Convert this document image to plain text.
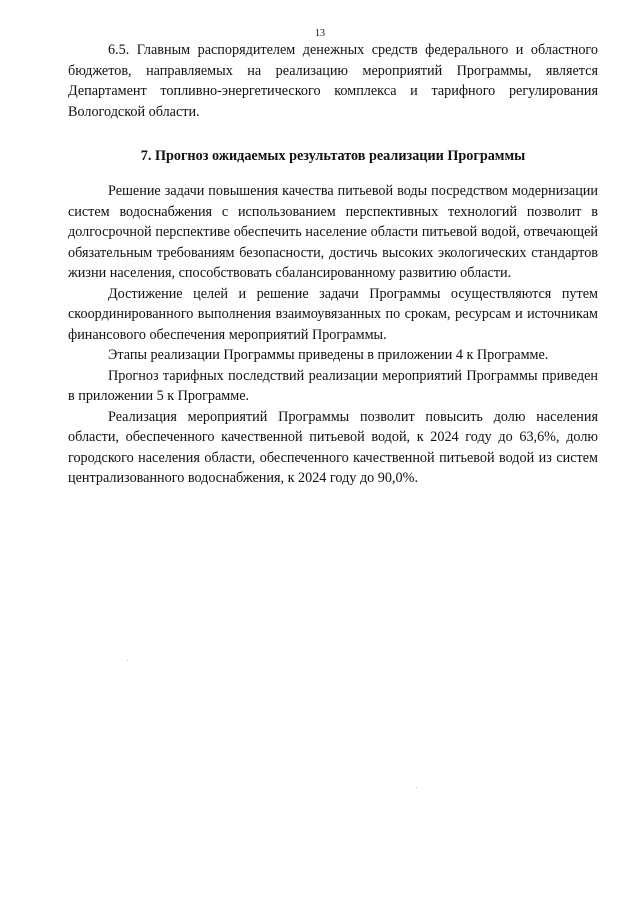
13

6.5. Главным распорядителем денежных средств федерального и областного бюджетов, направляемых на реализацию мероприятий Программы, является Департамент топливно-энергетического комплекса и тарифного регулирования Вологодской области.

7. Прогноз ожидаемых результатов реализации Программы

Решение задачи повышения качества питьевой воды посредством модернизации систем водоснабжения с использованием перспективных технологий позволит в долгосрочной перспективе обеспечить население области питьевой водой, отвечающей обязательным требованиям безопасности, достичь высоких экологических стандартов жизни населения, способствовать сбалансированному развитию области.

Достижение целей и решение задачи Программы осуществляются путем скоординированного выполнения взаимоувязанных по срокам, ресурсам и источникам финансового обеспечения мероприятий Программы.

Этапы реализации Программы приведены в приложении 4 к Программе.

Прогноз тарифных последствий реализации мероприятий Программы приведен в приложении 5 к Программе.

Реализация мероприятий Программы позволит повысить долю населения области, обеспеченного качественной питьевой водой, к 2024 году до 63,6%, долю городского населения области, обеспеченного качественной питьевой водой из систем централизованного водоснабжения, к 2024 году до 90,0%.
